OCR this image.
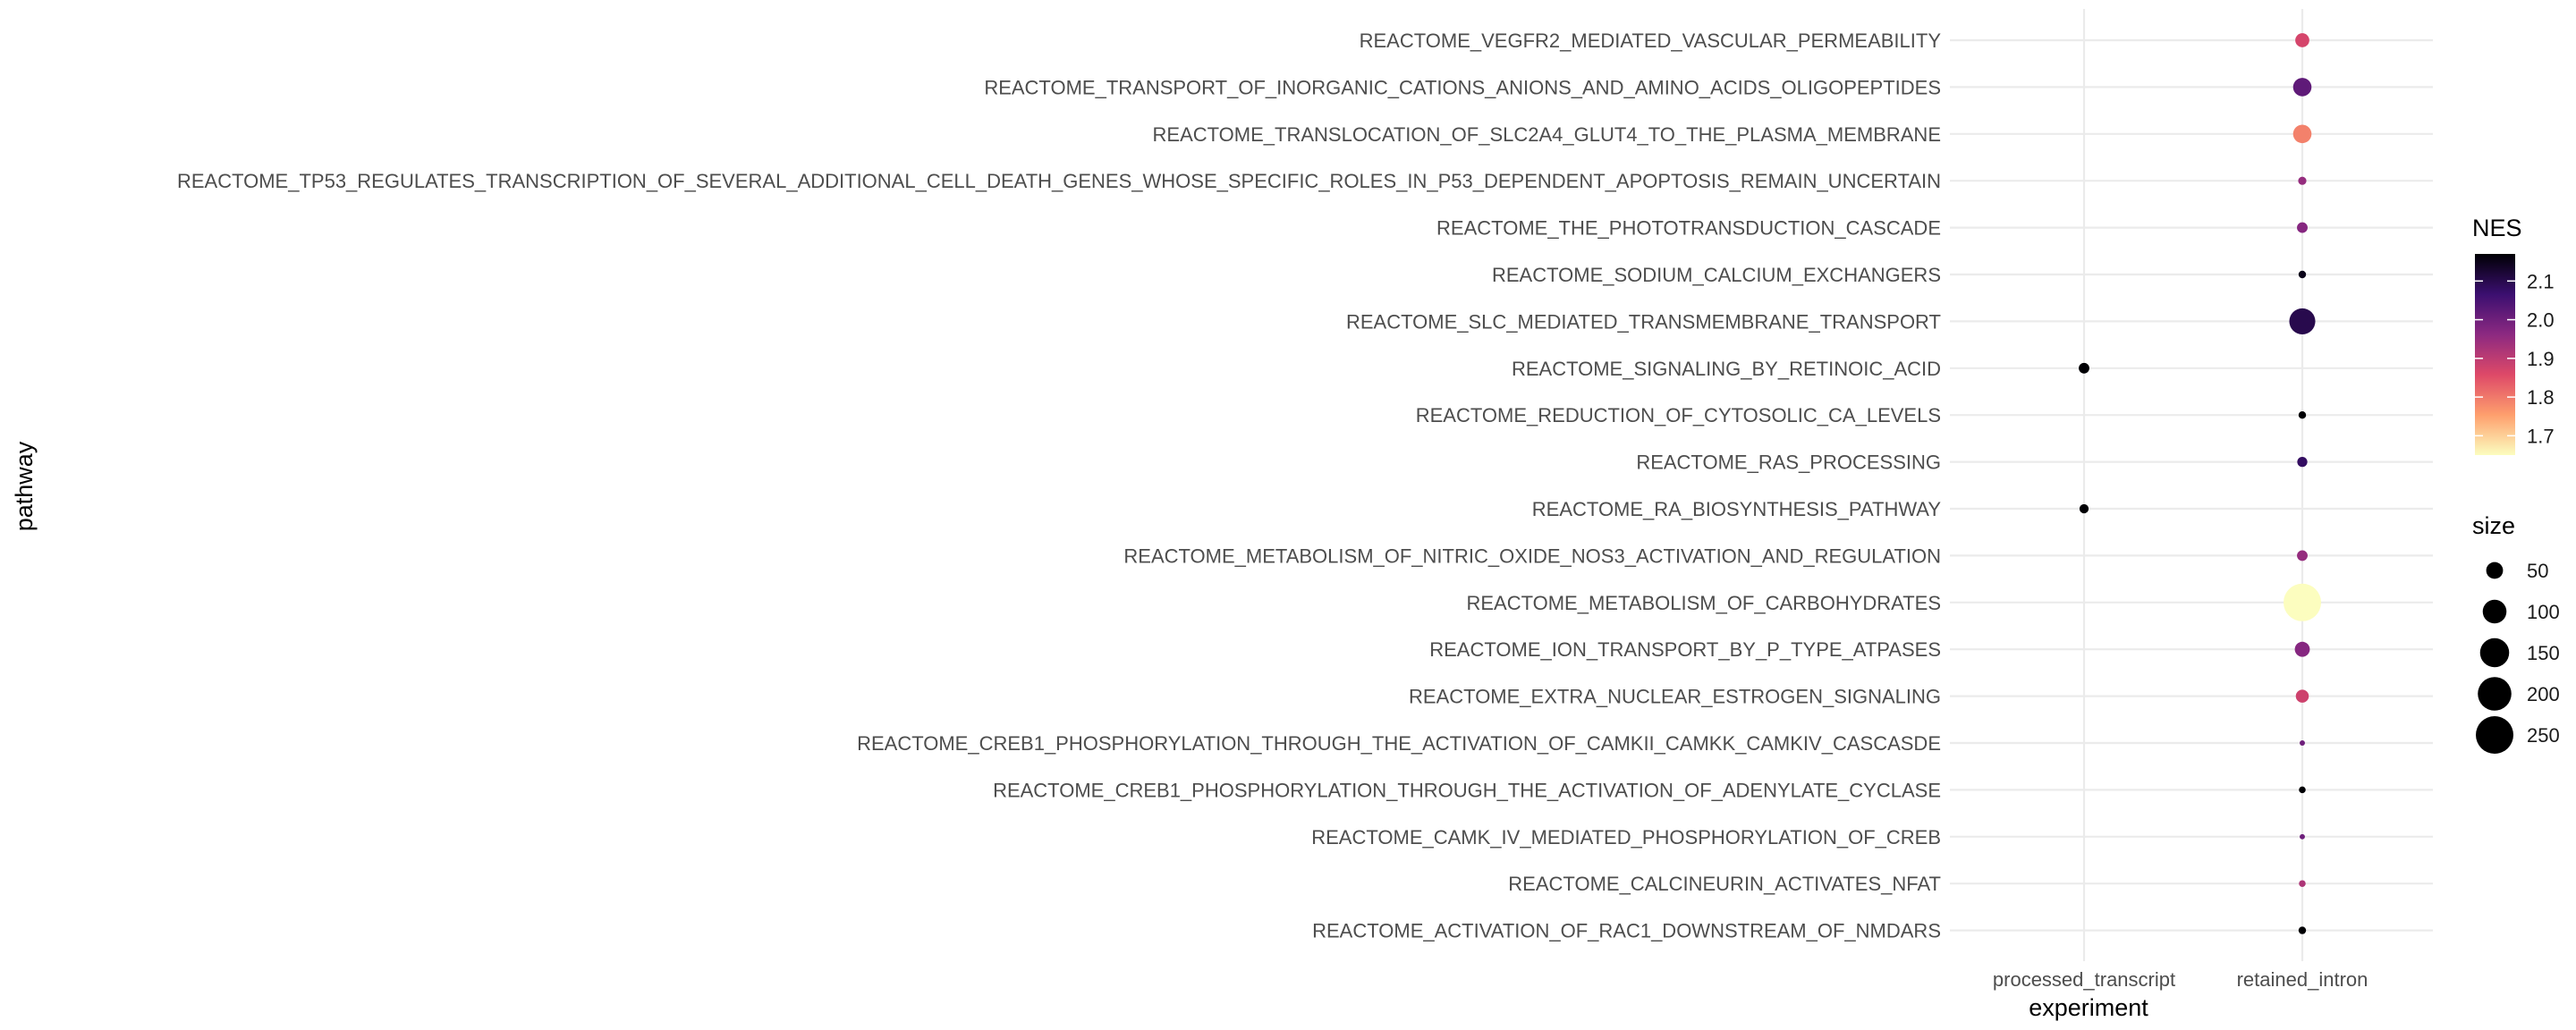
REACTOME_VEGFR2_MEDIATED_VASCULAR_PERMEABILITY
REACTOME_TRANSPORT_OF_INORGANIC_CATIONS_ANIONS_AND_AMINO_ACIDS_OLIGOPEPTIDES
REACTOME_TRANSLOCATION_OF_SLC2A4_GLUT4_TO_THE_PLASMA_MEMBRANE
REACTOME_TP53_REGULATES_TRANSCRIPTION_OF_SEVERAL_ADDITIONAL_CELL_DEATH_GENES_WHOSE_SPECIFIC_ROLES_IN_P53_DEPENDENT_APOPTOSIS_REMAIN_UNCERTAIN
REACTOME_THE_PHOTOTRANSDUCTION_CASCADE
REACTOME_SODIUM_CALCIUM_EXCHANGERS
REACTOME_SLC_MEDIATED_TRANSMEMBRANE_TRANSPORT
REACTOME_SIGNALING_BY_RETINOIC_ACID
REACTOME_REDUCTION_OF_CYTOSOLIC_CA_LEVELS
REACTOME_RAS_PROCESSING
REACTOME_RA_BIOSYNTHESIS_PATHWAY
REACTOME_METABOLISM_OF_NITRIC_OXIDE_NOS3_ACTIVATION_AND_REGULATION
REACTOME_METABOLISM_OF_CARBOHYDRATES
REACTOME_ION_TRANSPORT_BY_P_TYPE_ATPASES
REACTOME_EXTRA_NUCLEAR_ESTROGEN_SIGNALING
REACTOME_CREB1_PHOSPHORYLATION_THROUGH_THE_ACTIVATION_OF_CAMKII_CAMKK_CAMKIV_CASCASDE
REACTOME_CREB1_PHOSPHORYLATION_THROUGH_THE_ACTIVATION_OF_ADENYLATE_CYCLASE
REACTOME_CAMK_IV_MEDIATED_PHOSPHORYLATION_OF_CREB
REACTOME_CALCINEURIN_ACTIVATES_NFAT
REACTOME_ACTIVATION_OF_RAC1_DOWNSTREAM_OF_NMDARS
processed_transcript	retained_intron
experiment
pathway
NES
2.1
2.0
1.9
1.8
1.7
size
50
100
150
200
250
